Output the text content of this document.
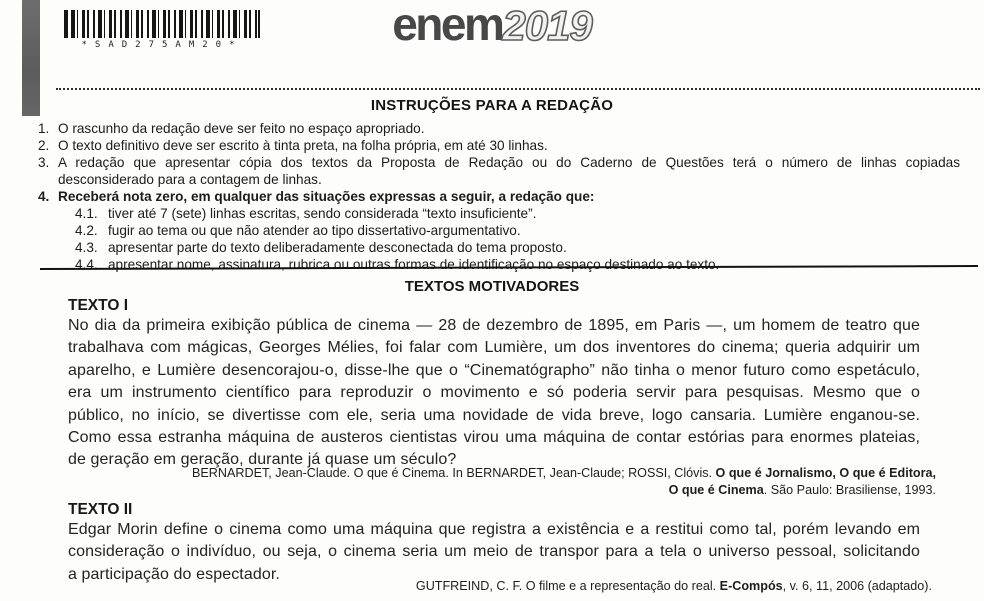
*SAD275AM20*	enem2019
INSTRUÇÕES PARA A REDAÇÃO
1. O rascunho da redação deve ser feito no espaço apropriado.
2. O texto definitivo deve ser escrito à tinta preta, na folha própria, em até 30 linhas.
3. A redação que apresentar cópia dos textos da Proposta de Redação ou do Caderno de Questões terá o número de linhas copiadas
desconsiderado para a contagem de linhas.
4. Receberá nota zero, em qualquer das situações expressas a seguir, a redação que:
4.1. tiver até 7 (sete) linhas escritas, sendo considerada “texto insuficiente”.
4.2. fugir ao tema ou que não atender ao tipo dissertativo-argumentativo.
4.3. apresentar parte do texto deliberadamente desconectada do tema proposto.
4.4. apresentar nome, assinatura, rubrica ou outras formas de identificação no espaço destinado ao texto.
TEXTOS MOTIVADORES
TEXTO I
No dia da primeira exibição pública de cinema — 28 de dezembro de 1895, em Paris —, um homem de teatro que
trabalhava com mágicas, Georges Mélies, foi falar com Lumière, um dos inventores do cinema; queria adquirir um
aparelho, e Lumière desencorajou-o, disse-lhe que o “Cinematógrapho” não tinha o menor futuro como espetáculo,
era um instrumento científico para reproduzir o movimento e só poderia servir para pesquisas. Mesmo que o
público, no início, se divertisse com ele, seria uma novidade de vida breve, logo cansaria. Lumière enganou-se.
Como essa estranha máquina de austeros cientistas virou uma máquina de contar estórias para enormes plateias,
de geração em geração, durante já quase um século?
BERNARDET, Jean-Claude. O que é Cinema. In BERNARDET, Jean-Claude; ROSSI, Clóvis. O que é Jornalismo, O que é Editora,
O que é Cinema. São Paulo: Brasiliense, 1993.
TEXTO II
Edgar Morin define o cinema como uma máquina que registra a existência e a restitui como tal, porém levando em
consideração o indivíduo, ou seja, o cinema seria um meio de transpor para a tela o universo pessoal, solicitando
a participação do espectador.
GUTFREIND, C. F. O filme e a representação do real. E-Compós, v. 6, 11, 2006 (adaptado).
